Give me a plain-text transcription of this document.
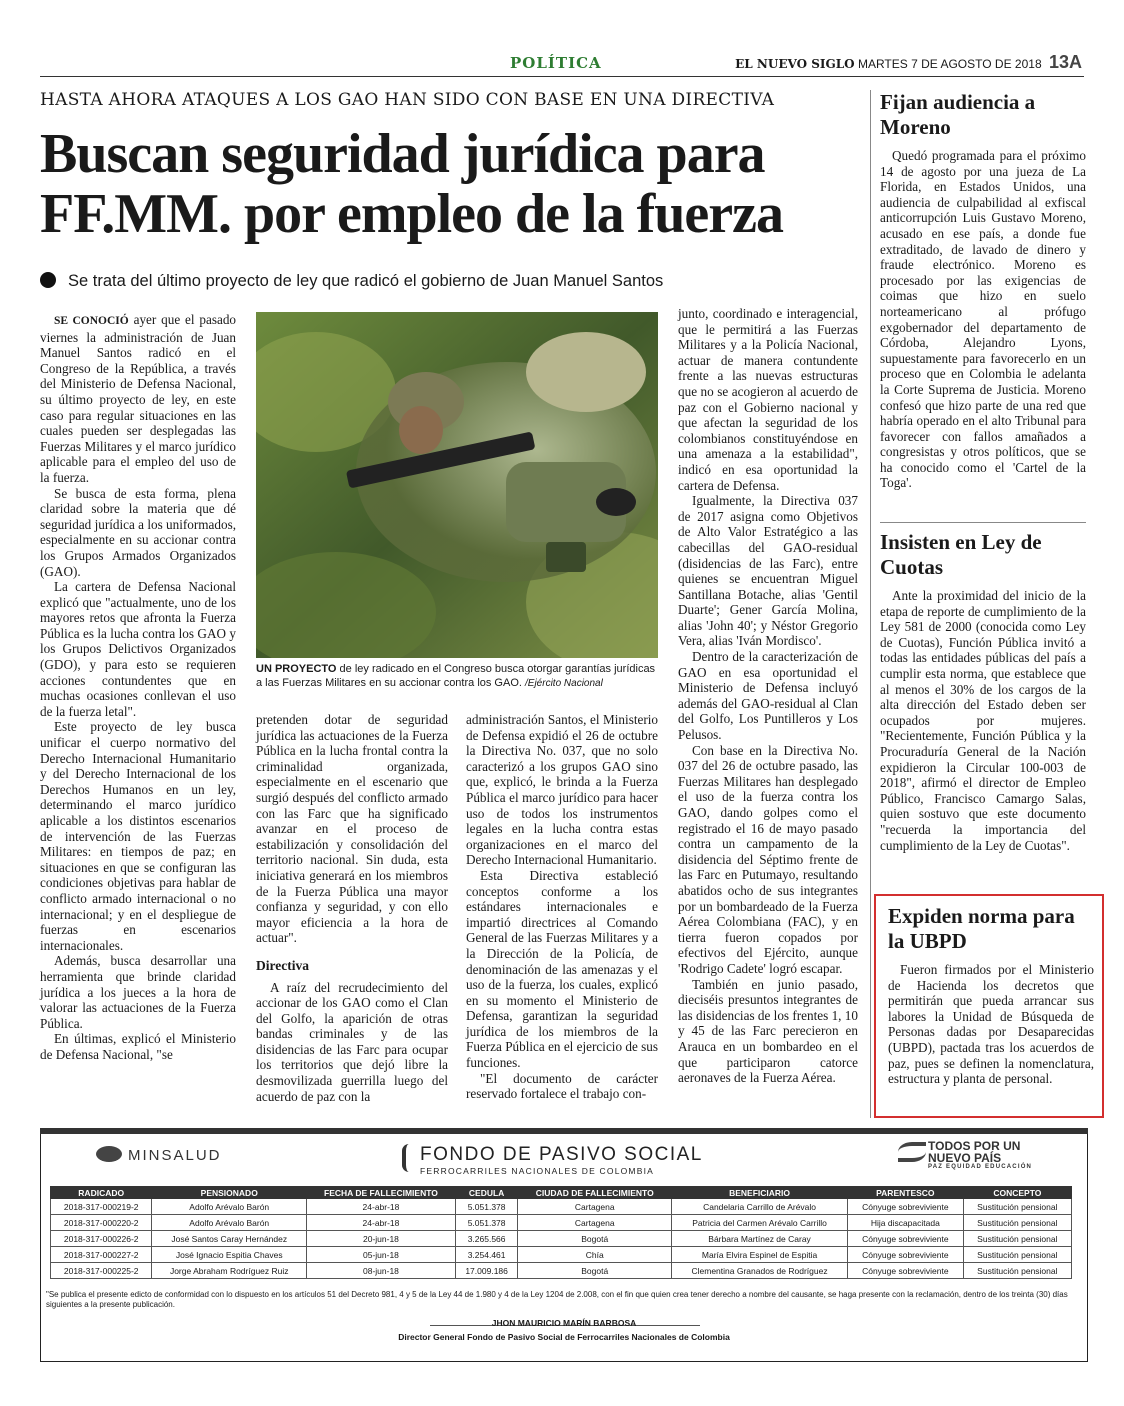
POLÍTICA	EL NUEVO SIGLO MARTES 7 DE AGOSTO DE 2018 13A
HASTA AHORA ATAQUES A LOS GAO HAN SIDO CON BASE EN UNA DIRECTIVA
Buscan seguridad jurídica para
FF.MM. por empleo de la fuerza
Se trata del último proyecto de ley que radicó el gobierno de Juan Manuel Santos

SE CONOCIÓ ayer que el pasado viernes la administración de Juan Manuel Santos radicó en el Congreso de la República, a través del Ministerio de Defensa Nacional, su último proyecto de ley, en este caso para regular situaciones en las cuales pueden ser desplegadas las Fuerzas Militares y el marco jurídico aplicable para el empleo del uso de la fuerza.

Se busca de esta forma, plena claridad sobre la materia que dé seguridad jurídica a los uniformados, especialmente en su accionar contra los Grupos Armados Organizados (GAO).

La cartera de Defensa Nacional explicó que "actualmente, uno de los mayores retos que afronta la Fuerza Pública es la lucha contra los GAO y los Grupos Delictivos Organizados (GDO), y para esto se requieren acciones contundentes que en muchas ocasiones conllevan el uso de la fuerza letal".

Este proyecto de ley busca unificar el cuerpo normativo del Derecho Internacional Humanitario y del Derecho Internacional de los Derechos Humanos en un ley, determinando el marco jurídico aplicable a los distintos escenarios de intervención de las Fuerzas Militares: en tiempos de paz; en situaciones en que se configuran las condiciones objetivas para hablar de conflicto armado internacional o no internacional; y en el despliegue de fuerzas en escenarios internacionales.

Además, busca desarrollar una herramienta que brinde claridad jurídica a los jueces a la hora de valorar las actuaciones de la Fuerza Pública.

En últimas, explicó el Ministerio de Defensa Nacional, "se

UN PROYECTO de ley radicado en el Congreso busca otorgar garantías jurídicas a las Fuerzas Militares en su accionar contra los GAO. /Ejército Nacional

pretenden dotar de seguridad jurídica las actuaciones de la Fuerza Pública en la lucha frontal contra la criminalidad organizada, especialmente en el escenario que surgió después del conflicto armado con las Farc que ha significado avanzar en el proceso de estabilización y consolidación del territorio nacional. Sin duda, esta iniciativa generará en los miembros de la Fuerza Pública una mayor confianza y seguridad, y con ello mayor eficiencia a la hora de actuar".

Directiva

A raíz del recrudecimiento del accionar de los GAO como el Clan del Golfo, la aparición de otras bandas criminales y de las disidencias de las Farc para ocupar los territorios que dejó libre la desmovilizada guerrilla luego del acuerdo de paz con la

administración Santos, el Ministerio de Defensa expidió el 26 de octubre la Directiva No. 037, que no solo caracterizó a los grupos GAO sino que, explicó, le brinda a la Fuerza Pública el marco jurídico para hacer uso de todos los instrumentos legales en la lucha contra estas organizaciones en el marco del Derecho Internacional Humanitario.

Esta Directiva estableció conceptos conforme a los estándares internacionales e impartió directrices al Comando General de las Fuerzas Militares y a la Dirección de la Policía, de denominación de las amenazas y el uso de la fuerza, los cuales, explicó en su momento el Ministerio de Defensa, garantizan la seguridad jurídica de los miembros de la Fuerza Pública en el ejercicio de sus funciones.

"El documento de carácter reservado fortalece el trabajo con-

junto, coordinado e interagencial, que le permitirá a las Fuerzas Militares y a la Policía Nacional, actuar de manera contundente frente a las nuevas estructuras que no se acogieron al acuerdo de paz con el Gobierno nacional y que afectan la seguridad de los colombianos constituyéndose en una amenaza a la estabilidad", indicó en esa oportunidad la cartera de Defensa.

Igualmente, la Directiva 037 de 2017 asigna como Objetivos de Alto Valor Estratégico a las cabecillas del GAO-residual (disidencias de las Farc), entre quienes se encuentran Miguel Santillana Botache, alias 'Gentil Duarte'; Gener García Molina, alias 'John 40'; y Néstor Gregorio Vera, alias 'Iván Mordisco'.

Dentro de la caracterización de GAO en esa oportunidad el Ministerio de Defensa incluyó además del GAO-residual al Clan del Golfo, Los Puntilleros y Los Pelusos.

Con base en la Directiva No. 037 del 26 de octubre pasado, las Fuerzas Militares han desplegado el uso de la fuerza contra los GAO, dando golpes como el registrado el 16 de mayo pasado contra un campamento de la disidencia del Séptimo frente de las Farc en Putumayo, resultando abatidos ocho de sus integrantes por un bombardeado de la Fuerza Aérea Colombiana (FAC), y en tierra fueron copados por efectivos del Ejército, aunque 'Rodrigo Cadete' logró escapar.

También en junio pasado, dieciséis presuntos integrantes de las disidencias de los frentes 1, 10 y 45 de las Farc perecieron en Arauca en un bombardeo en el que participaron catorce aeronaves de la Fuerza Aérea.

Fijan audiencia a Moreno

Quedó programada para el próximo 14 de agosto por una jueza de La Florida, en Estados Unidos, una audiencia de culpabilidad al exfiscal anticorrupción Luis Gustavo Moreno, acusado en ese país, a donde fue extraditado, de lavado de dinero y fraude electrónico. Moreno es procesado por las exigencias de coimas que hizo en suelo norteamericano al prófugo exgobernador del departamento de Córdoba, Alejandro Lyons, supuestamente para favorecerlo en un proceso que en Colombia le adelanta la Corte Suprema de Justicia. Moreno confesó que hizo parte de una red que habría operado en el alto Tribunal para favorecer con fallos amañados a congresistas y otros políticos, que se ha conocido como el 'Cartel de la Toga'.

Insisten en Ley de Cuotas

Ante la proximidad del inicio de la etapa de reporte de cumplimiento de la Ley 581 de 2000 (conocida como Ley de Cuotas), Función Pública invitó a todas las entidades públicas del país a cumplir esta norma, que establece que al menos el 30% de los cargos de la alta dirección del Estado deben ser ocupados por mujeres. "Recientemente, Función Pública y la Procuraduría General de la Nación expidieron la Circular 100-003 de 2018", afirmó el director de Empleo Público, Francisco Camargo Salas, quien sostuvo que este documento "recuerda la importancia del cumplimiento de la Ley de Cuotas".

Expiden norma para la UBPD

Fueron firmados por el Ministerio de Hacienda los decretos que permitirán que pueda arrancar sus labores la Unidad de Búsqueda de Personas dadas por Desaparecidas (UBPD), pactada tras los acuerdos de paz, pues se definen la nomenclatura, estructura y planta de personal.

MINSALUD	FONDO DE PASIVO SOCIAL
FERROCARRILES NACIONALES DE COLOMBIA
TODOS POR UN
NUEVO PAÍS
PAZ EQUIDAD EDUCACIÓN
RADICADO	PENSIONADO	FECHA DE FALLECIMIENTO	CEDULA	CIUDAD DE FALLECIMIENTO	BENEFICIARIO	PARENTESCO	CONCEPTO
2018-317-000219-2	Adolfo Arévalo Barón	24-abr-18	5.051.378	Cartagena	Candelaria Carrillo de Arévalo	Cónyuge sobreviviente	Sustitución pensional
2018-317-000220-2	Adolfo Arévalo Barón	24-abr-18	5.051.378	Cartagena	Patricia del Carmen Arévalo Carrillo	Hija discapacitada	Sustitución pensional
2018-317-000226-2	José Santos Caray Hernández	20-jun-18	3.265.566	Bogotá	Bárbara Martínez de Caray	Cónyuge sobreviviente	Sustitución pensional
2018-317-000227-2	José Ignacio Espitia Chaves	05-jun-18	3.254.461	Chía	María Elvira Espinel de Espitia	Cónyuge sobreviviente	Sustitución pensional
2018-317-000225-2	Jorge Abraham Rodríguez Ruiz	08-jun-18	17.009.186	Bogotá	Clementina Granados de Rodríguez	Cónyuge sobreviviente	Sustitución pensional
"Se publica el presente edicto de conformidad con lo dispuesto en los artículos 51 del Decreto 981, 4 y 5 de la Ley 44 de 1.980 y 4 de la Ley 1204 de 2.008, con el fin que quien crea tener derecho a nombre del causante, se haga presente con la reclamación, dentro de los treinta (30) días siguientes a la presente publicación.
JHON MAURICIO MARÍN BARBOSA
Director General Fondo de Pasivo Social de Ferrocarriles Nacionales de Colombia
